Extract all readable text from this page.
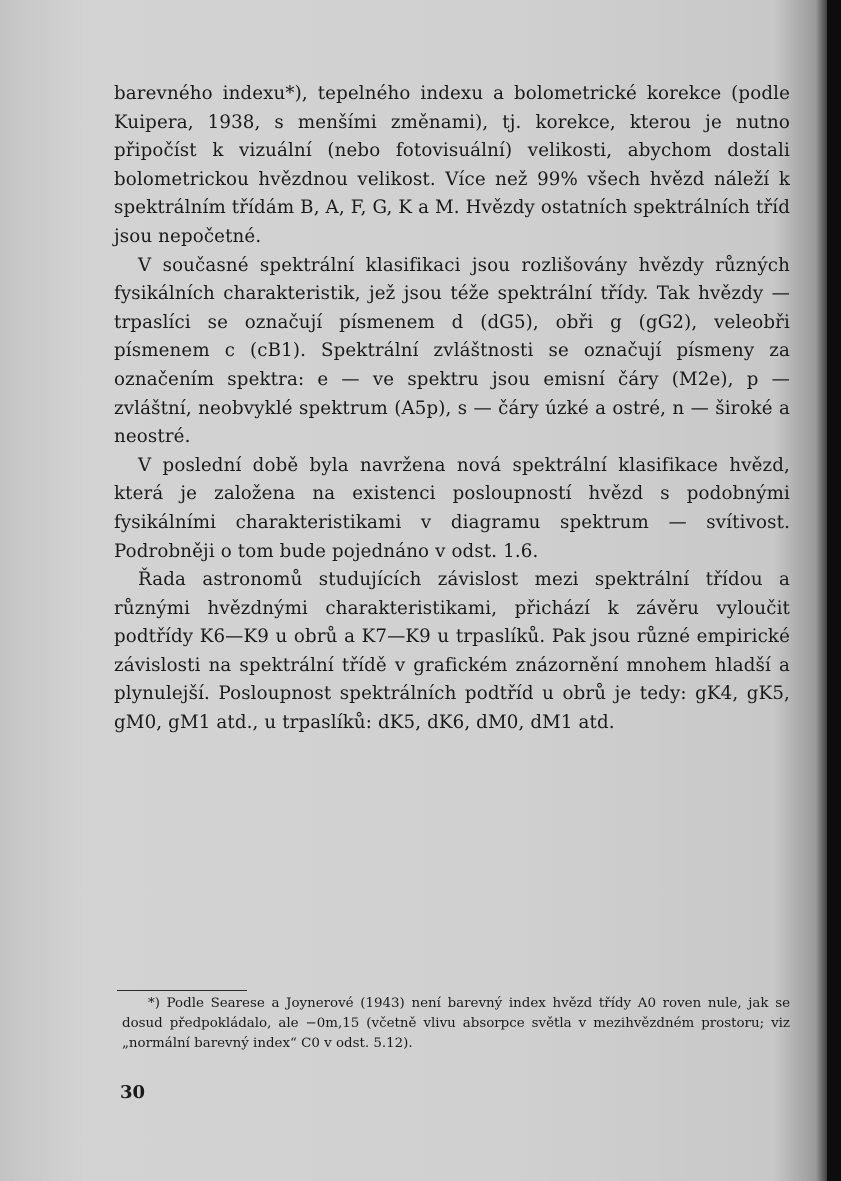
barevného indexu*), tepelného indexu a bolometrické korekce (podle Kuipera, 1938, s menšími změnami), tj. korekce, kterou je nutno připočíst k vizuální (nebo fotovisuální) velikosti, abychom dostali bolometrickou hvězdnou velikost. Více než 99% všech hvězd náleží k spektrálním třídám B, A, F, G, K a M. Hvězdy ostatních spektrálních tříd jsou nepočetné.

V současné spektrální klasifikaci jsou rozlišovány hvězdy různých fysikálních charakteristik, jež jsou téže spektrální třídy. Tak hvězdy — trpaslíci se označují písmenem d (dG5), obři g (gG2), veleobři písmenem c (cB1). Spektrální zvláštnosti se označují písmeny za označením spektra: e — ve spektru jsou emisní čáry (M2e), p — zvláštní, neobvyklé spektrum (A5p), s — čáry úzké a ostré, n — široké a neostré.

V poslední době byla navržena nová spektrální klasifikace hvězd, která je založena na existenci posloupností hvězd s podobnými fysikálními charakteristikami v diagramu spektrum — svítivost. Podrobněji o tom bude pojednáno v odst. 1.6.

Řada astronomů studujících závislost mezi spektrální třídou a různými hvězdnými charakteristikami, přichází k závěru vyloučit podtřídy K6—K9 u obrů a K7—K9 u trpaslíků. Pak jsou různé empirické závislosti na spektrální třídě v grafickém znázornění mnohem hladší a plynulejší. Posloupnost spektrálních podtříd u obrů je tedy: gK4, gK5, gM0, gM1 atd., u trpaslíků: dK5, dK6, dM0, dM1 atd.

*) Podle Searese a Joynerové (1943) není barevný index hvězd třídy A0 roven nule, jak se dosud předpokládalo, ale −0m,15 (včetně vlivu absorpce světla v mezihvězdném prostoru; viz „normální barevný index“ C0 v odst. 5.12).

30
